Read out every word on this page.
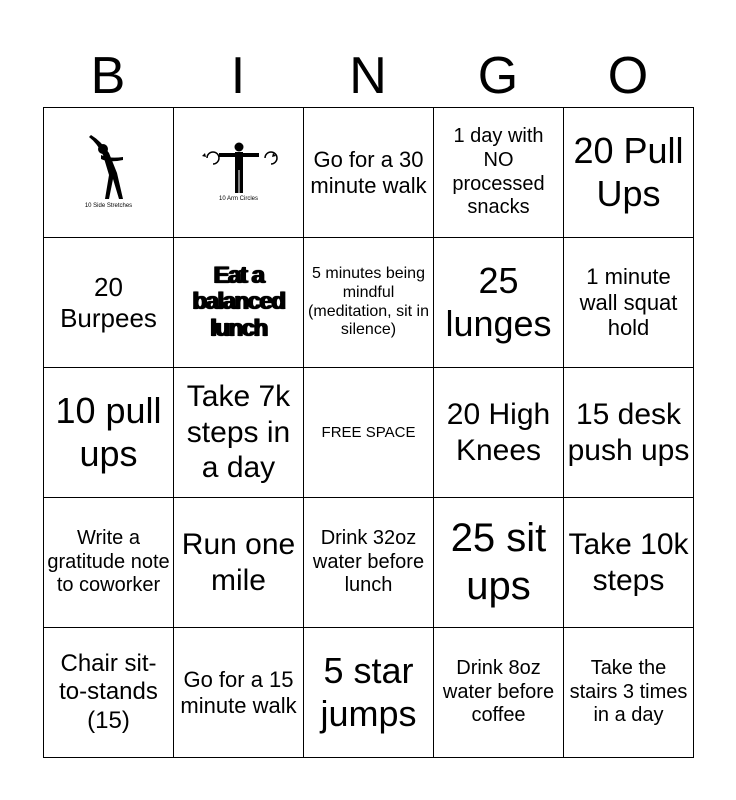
B	I	N	G	O
10 Side Stretches	10 Arm Circles	Go for a 30 minute walk	1 day with NO processed snacks	20 Pull Ups
20 Burpees	Eat a balanced lunch	5 minutes being mindful (meditation, sit in silence)	25 lunges	1 minute wall squat hold
10 pull ups	Take 7k steps in a day	FREE SPACE	20 High Knees	15 desk push ups
Write a gratitude note to coworker	Run one mile	Drink 32oz water before lunch	25 sit ups	Take 10k steps
Chair sit-to-stands (15)	Go for a 15 minute walk	5 star jumps	Drink 8oz water before coffee	Take the stairs 3 times in a day
